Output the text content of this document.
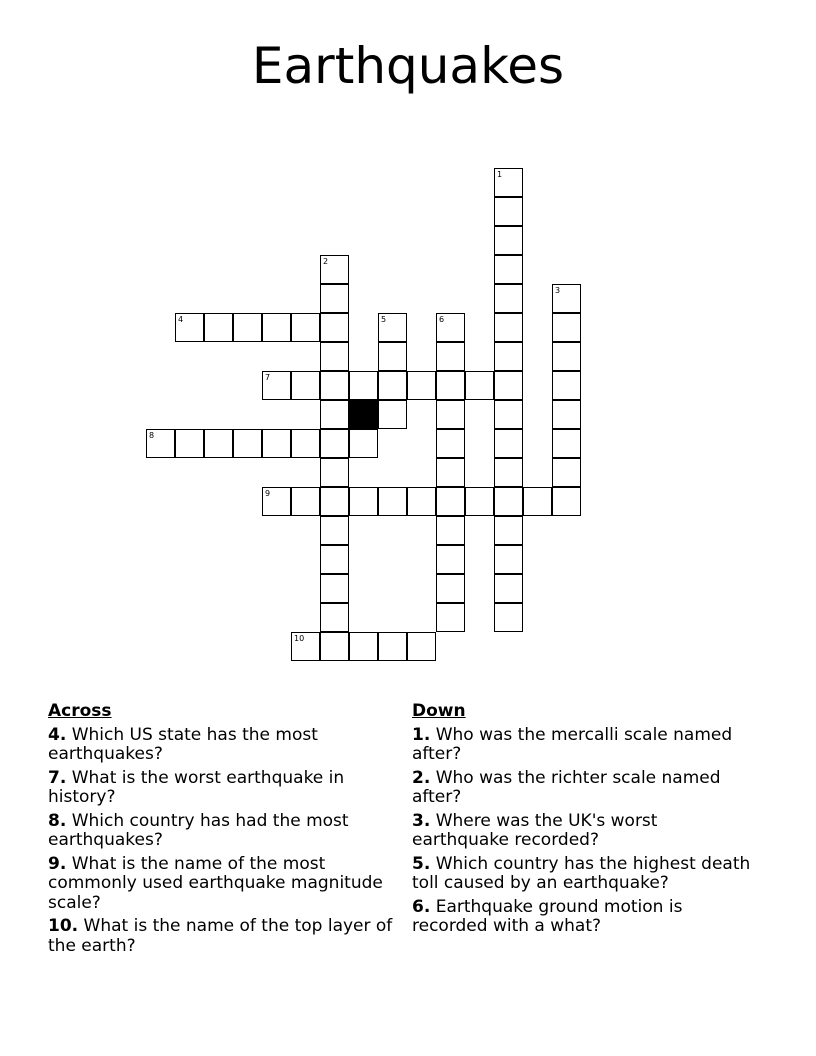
Earthquakes
1
2
3
4	5	6
7
8
9
10
Across
4. Which US state has the most earthquakes?
7. What is the worst earthquake in history?
8. Which country has had the most earthquakes?
9. What is the name of the most commonly used earthquake magnitude scale?
10. What is the name of the top layer of the earth?
Down
1. Who was the mercalli scale named after?
2. Who was the richter scale named after?
3. Where was the UK's worst earthquake recorded?
5. Which country has the highest death toll caused by an earthquake?
6. Earthquake ground motion is recorded with a what?
